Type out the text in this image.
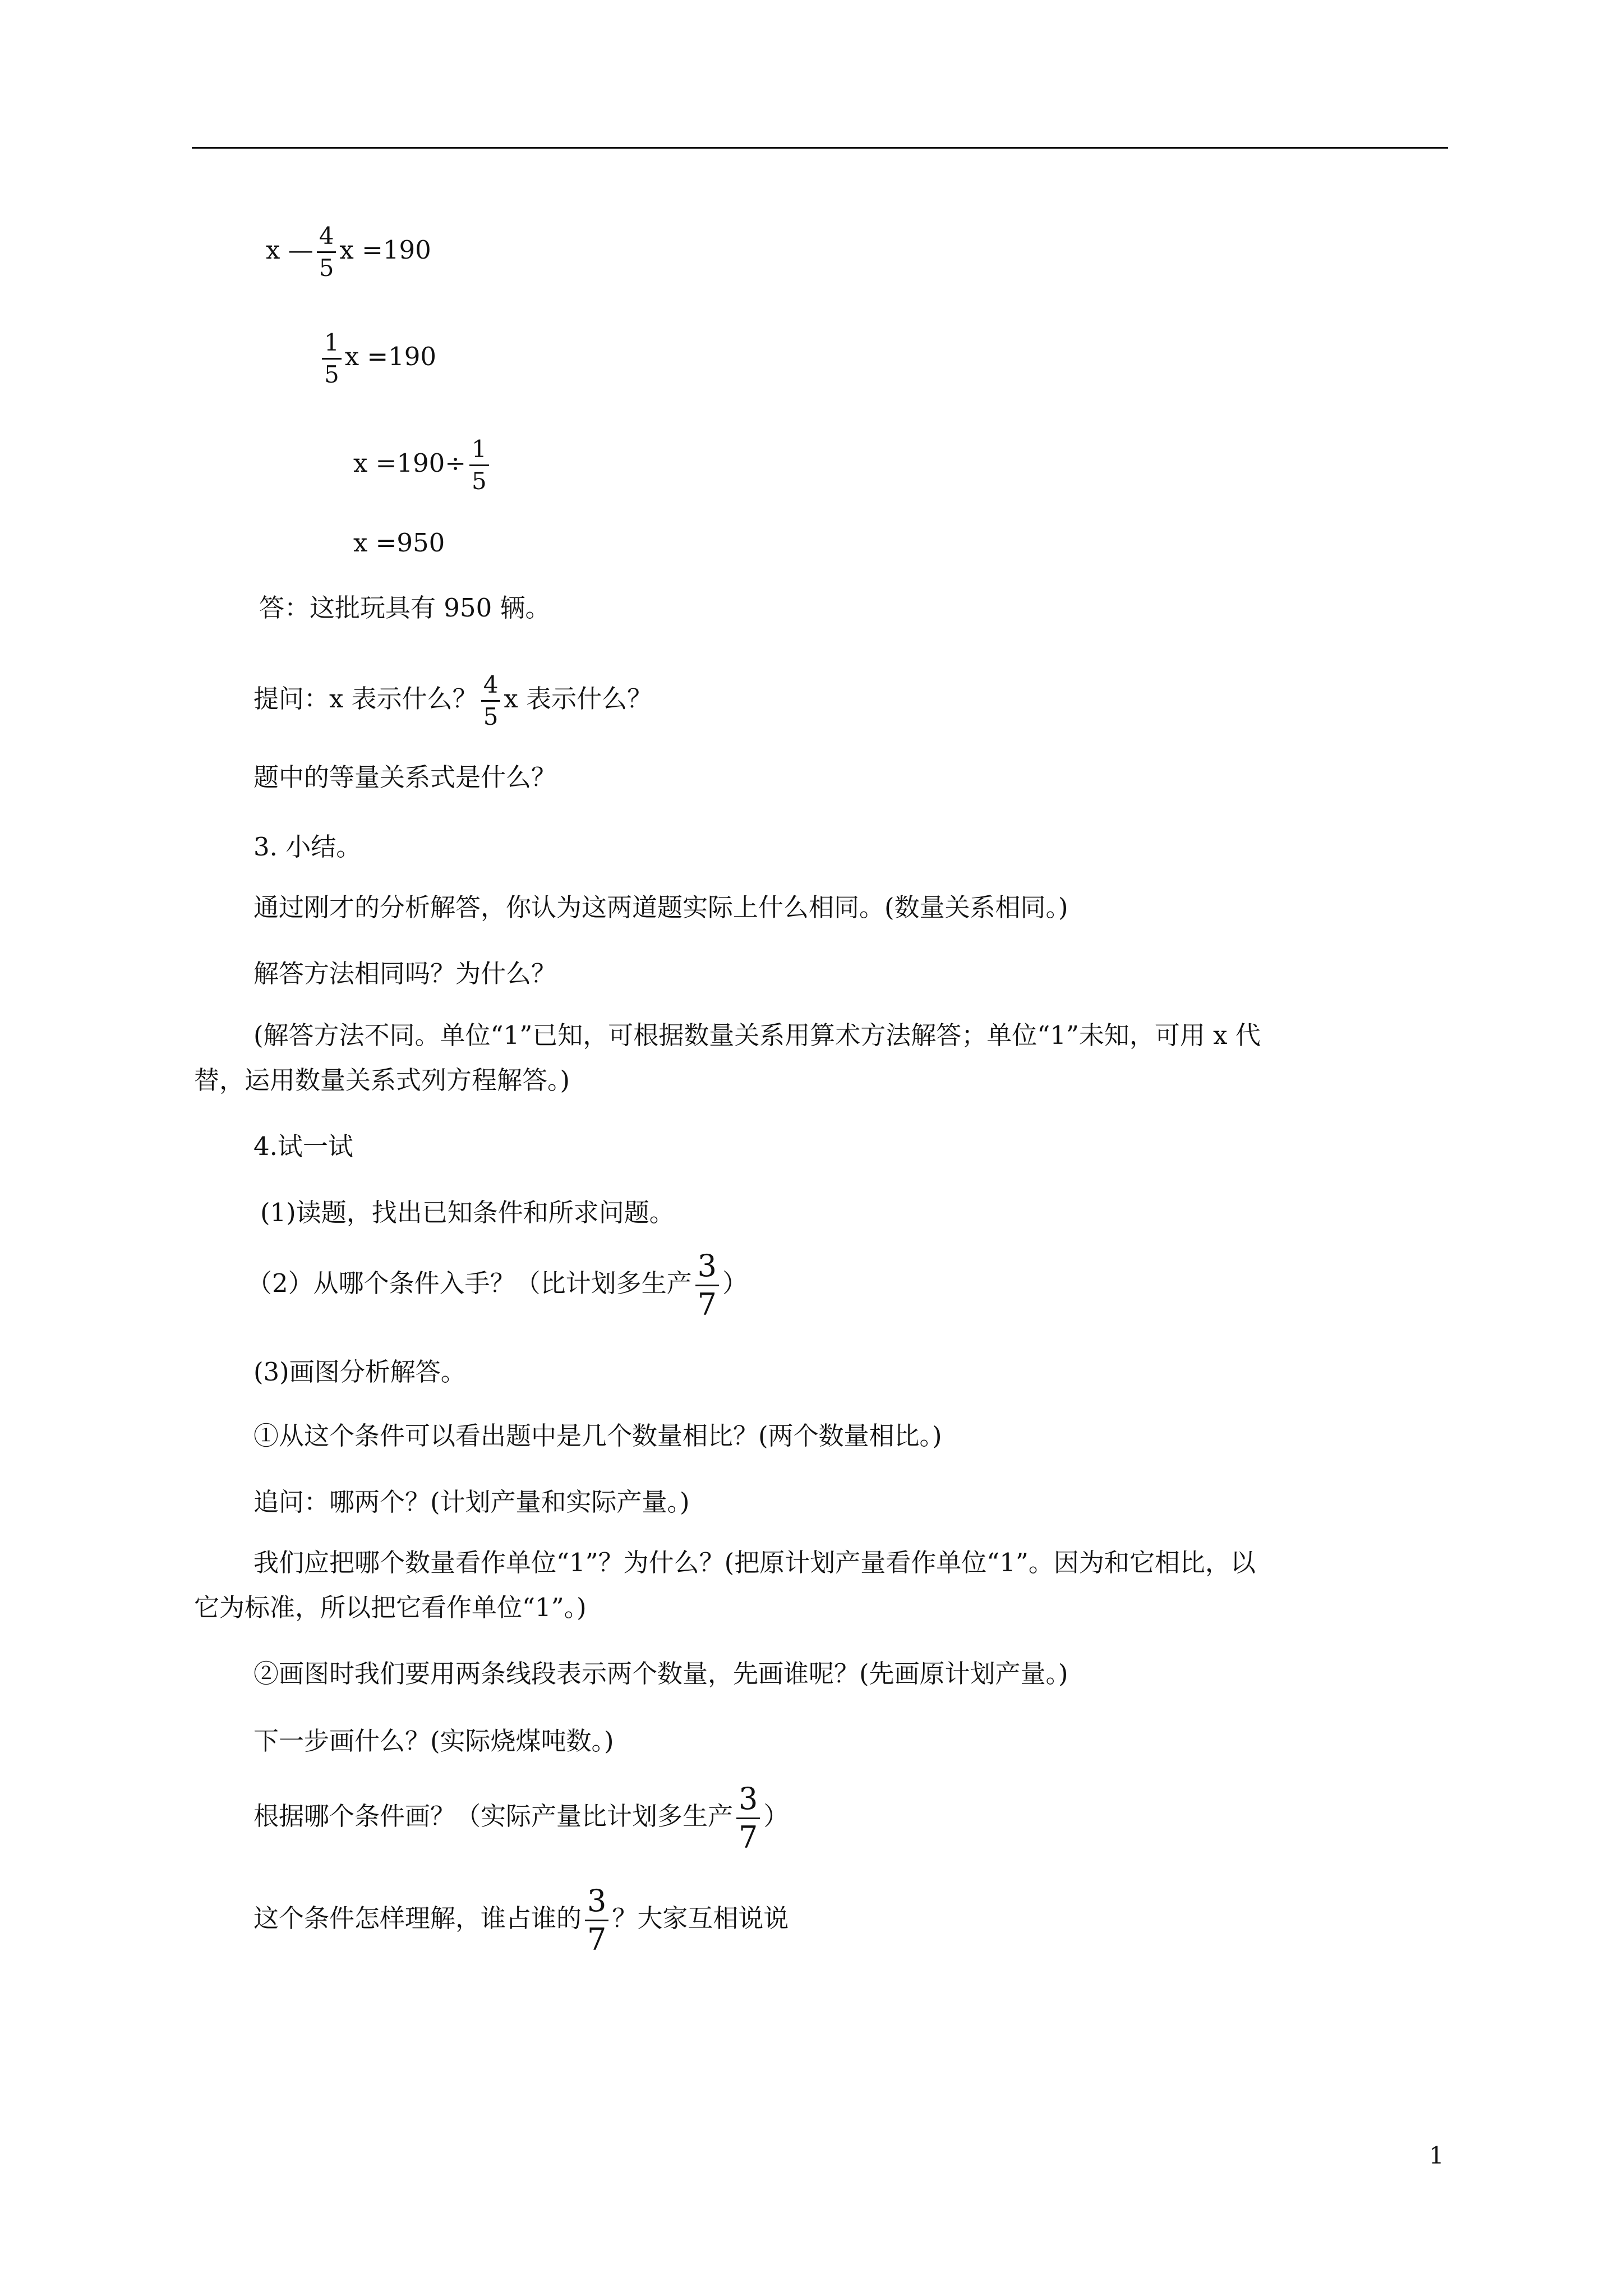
x — $\frac{4}{5}$ x =190
$\frac{1}{5}$ x =190
$x =190\div \frac{1}{5}$
x =950
答：这批玩具有 950 辆。
提问：x 表示什么？ $\frac{4}{5}$ x 表示什么？
题中的等量关系式是什么？
3. 小结。
通过刚才的分析解答，你认为这两道题实际上什么相同。(数量关系相同。)
解答方法相同吗？为什么？
(解答方法不同。单位“1”已知，可根据数量关系用算术方法解答；单位“1”未知，可用 x 代
替，运用数量关系式列方程解答。)
4.试一试
(1)读题，找出已知条件和所求问题。
（2）从哪个条件入手？（比计划多生产 $\frac{3}{7}$ ）
(3)画图分析解答。
①从这个条件可以看出题中是几个数量相比？(两个数量相比。)
追问：哪两个？(计划产量和实际产量。)
我们应把哪个数量看作单位“1”？为什么？(把原计划产量看作单位“1”。因为和它相比，以
它为标准，所以把它看作单位“1”。)
②画图时我们要用两条线段表示两个数量，先画谁呢？(先画原计划产量。)
下一步画什么？(实际烧煤吨数。)
根据哪个条件画？（实际产量比计划多生产 $\frac{3}{7}$ ）
这个条件怎样理解，谁占谁的 $\frac{3}{7}$ ？大家互相说说
1
